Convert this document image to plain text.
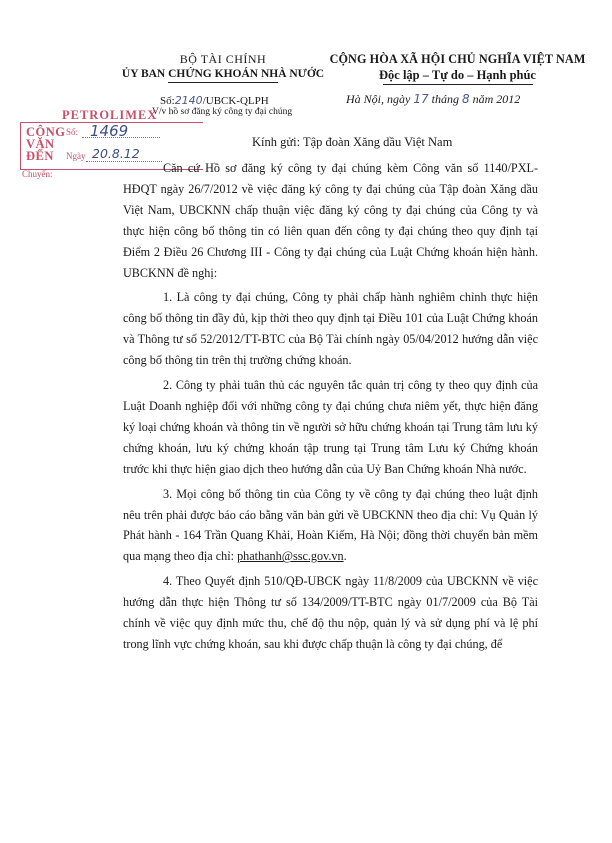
BỘ TÀI CHÍNH
ỦY BAN CHỨNG KHOÁN NHÀ NƯỚC
CỘNG HÒA XÃ HỘI CHỦ NGHĨA VIỆT NAM
Độc lập – Tự do – Hạnh phúc
Số:2140/UBCK-QLPH
V/v hồ sơ đăng ký công ty đại chúng
Hà Nội, ngày 17 tháng 8 năm 2012
PETROLIMEX
CÔNG
VĂN
ĐẾN
Số: 1469
Ngày 20.8.12
Chuyển:
Kính gửi: Tập đoàn Xăng dầu Việt Nam

Căn cứ Hồ sơ đăng ký công ty đại chúng kèm Công văn số 1140/PXL-HĐQT ngày 26/7/2012 về việc đăng ký công ty đại chúng của Tập đoàn Xăng dầu Việt Nam, UBCKNN chấp thuận việc đăng ký công ty đại chúng của Công ty và thực hiện công bố thông tin có liên quan đến công ty đại chúng theo quy định tại Điểm 2 Điều 26 Chương III - Công ty đại chúng của Luật Chứng khoán hiện hành. UBCKNN đề nghị:

1. Là công ty đại chúng, Công ty phải chấp hành nghiêm chỉnh thực hiện công bố thông tin đầy đủ, kịp thời theo quy định tại Điều 101 của Luật Chứng khoán và Thông tư số 52/2012/TT-BTC của Bộ Tài chính ngày 05/04/2012 hướng dẫn việc công bố thông tin trên thị trường chứng khoán.

2. Công ty phải tuân thủ các nguyên tắc quản trị công ty theo quy định của Luật Doanh nghiệp đối với những công ty đại chúng chưa niêm yết, thực hiện đăng ký loại chứng khoán và thông tin về người sở hữu chứng khoán tại Trung tâm lưu ký chứng khoán, lưu ký chứng khoán tập trung tại Trung tâm Lưu ký Chứng khoán trước khi thực hiện giao dịch theo hướng dẫn của Uỷ Ban Chứng khoán Nhà nước.

3. Mọi công bố thông tin của Công ty về công ty đại chúng theo luật định nêu trên phải được báo cáo bằng văn bản gửi về UBCKNN theo địa chỉ: Vụ Quản lý Phát hành - 164 Trần Quang Khải, Hoàn Kiếm, Hà Nội; đồng thời chuyển bản mềm qua mạng theo địa chỉ: phathanh@ssc.gov.vn.

4. Theo Quyết định 510/QĐ-UBCK ngày 11/8/2009 của UBCKNN về việc hướng dẫn thực hiện Thông tư số 134/2009/TT-BTC ngày 01/7/2009 của Bộ Tài chính về việc quy định mức thu, chế độ thu nộp, quản lý và sử dụng phí và lệ phí trong lĩnh vực chứng khoán, sau khi được chấp thuận là công ty đại chúng, để
